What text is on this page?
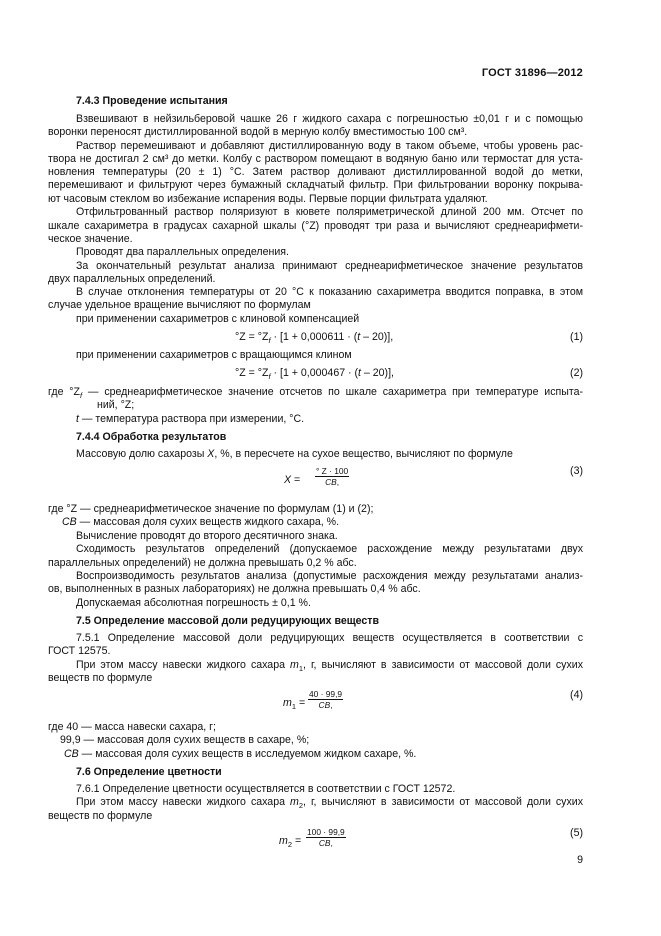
ГОСТ 31896—2012
7.4.3 Проведение испытания
Взвешивают в нейзильберовой чашке 26 г жидкого сахара с погрешностью ±0,01 г и с помощью
воронки переносят дистиллированной водой в мерную колбу вместимостью 100 см³.
Раствор перемешивают и добавляют дистиллированную воду в таком объеме, чтобы уровень рас-
твора не достигал 2 см³ до метки. Колбу с раствором помещают в водяную баню или термостат для уста-
новления температуры (20 ± 1) °С. Затем раствор доливают дистиллированной водой до метки,
перемешивают и фильтруют через бумажный складчатый фильтр. При фильтровании воронку покрыва-
ют часовым стеклом во избежание испарения воды. Первые порции фильтрата удаляют.
Отфильтрованный раствор поляризуют в кювете поляриметрической длиной 200 мм. Отсчет по
шкале сахариметра в градусах сахарной шкалы (°Z) проводят три раза и вычисляют среднеарифмети-
ческое значение.
Проводят два параллельных определения.
За окончательный результат анализа принимают среднеарифметическое значение результатов
двух параллельных определений.
В случае отклонения температуры от 20 °С к показанию сахариметра вводится поправка, в этом
случае удельное вращение вычисляют по формулам
при применении сахариметров с клиновой компенсацией
$^\circ Z = ^\circ Z_f \cdot [1 + 0,000611 \cdot (t - 20)]$,	(1)
при применении сахариметров с вращающимся клином
$^\circ Z = ^\circ Z_f \cdot [1 + 0,000467 \cdot (t - 20)]$,	(2)
где $^\circ Z_f$ — среднеарифметическое значение отсчетов по шкале сахариметра при температуре испыта-
ний, °Z;
t — температура раствора при измерении, °С.
7.4.4 Обработка результатов
Массовую долю сахарозы X, %, в пересчете на сухое вещество, вычисляют по формуле
$X = \frac{^\circ Z \cdot 100}{CB,}$	(3)
где °Z — среднеарифметическое значение по формулам (1) и (2);
CB — массовая доля сухих веществ жидкого сахара, %.
Вычисление проводят до второго десятичного знака.
Сходимость результатов определений (допускаемое расхождение между результатами двух
параллельных определений) не должна превышать 0,2 % абс.
Воспроизводимость результатов анализа (допустимые расхождения между результатами анализ-
ов, выполненных в разных лабораториях) не должна превышать 0,4 % абс.
Допускаемая абсолютная погрешность ± 0,1 %.
7.5 Определение массовой доли редуцирующих веществ
7.5.1 Определение массовой доли редуцирующих веществ осуществляется в соответствии с
ГОСТ 12575.
При этом массу навески жидкого сахара $m_1$, г, вычисляют в зависимости от массовой доли сухих
веществ по формуле
$m_1 = \frac{40 \cdot 99,9}{CB,}$	(4)
где 40 — масса навески сахара, г;
99,9 — массовая доля сухих веществ в сахаре, %;
CB — массовая доля сухих веществ в исследуемом жидком сахаре, %.
7.6 Определение цветности
7.6.1 Определение цветности осуществляется в соответствии с ГОСТ 12572.
При этом массу навески жидкого сахара $m_2$, г, вычисляют в зависимости от массовой доли сухих
веществ по формуле
$m_2 = \frac{100 \cdot 99,9}{CB,}$	(5)
9
